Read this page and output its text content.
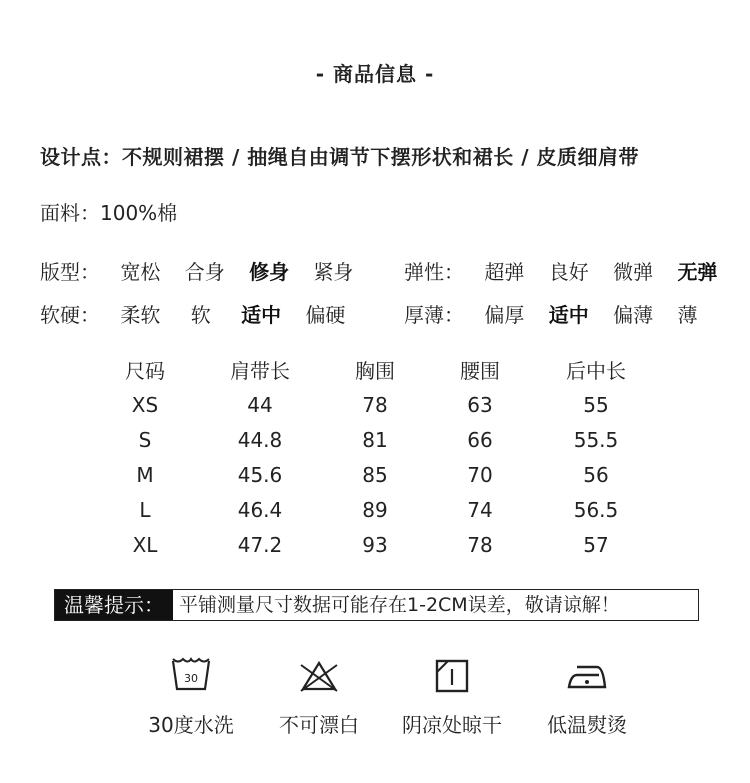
- 商品信息 -
设计点：不规则裙摆 / 抽绳自由调节下摆形状和裙长 / 皮质细肩带
面料：100%棉
版型： 宽松 合身 修身 紧身	弹性： 超弹 良好 微弹 无弹
软硬： 柔软 软 适中 偏硬	厚薄： 偏厚 适中 偏薄 薄
尺码	肩带长	胸围	腰围	后中长
XS	44	78	63	55
S	44.8	81	66	55.5
M	45.6	85	70	56
L	46.4	89	74	56.5
XL	47.2	93	78	57
温馨提示： 平铺测量尺寸数据可能存在1-2CM误差，敬请谅解！
30
30度水洗	不可漂白	阴凉处晾干	低温熨烫
